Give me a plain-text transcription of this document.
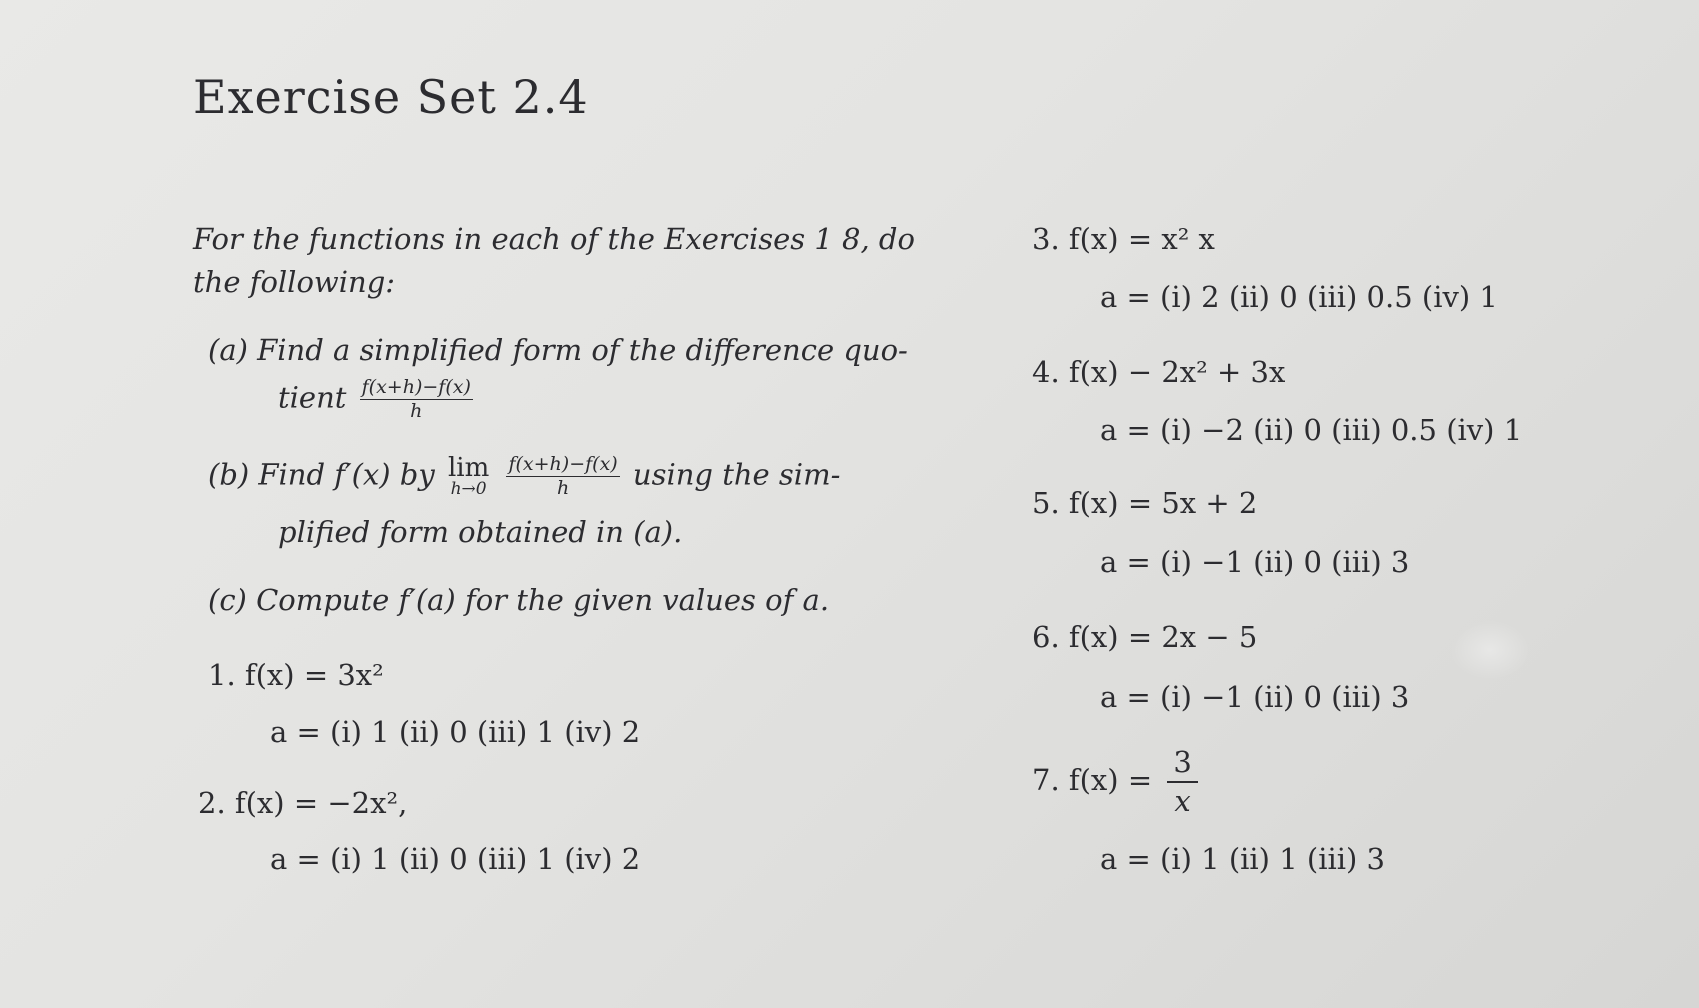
Exercise Set 2.4
For the functions in each of the Exercises 1 8, do
the following:
(a) Find a simplified form of the difference quo-
tient $\frac{f(x+h)-f(x)}{h}$
(b) Find f′(x) by lim
h→0
$\frac{f(x+h)-f(x)}{h}$ using the sim-
plified form obtained in (a).
(c) Compute f′(a) for the given values of a.
1. f(x) = 3x²
a = (i) 1 (ii) 0 (iii) 1 (iv) 2
2. f(x) = −2x²,
a = (i) 1 (ii) 0 (iii) 1 (iv) 2
3. f(x) = x² x
a = (i) 2 (ii) 0 (iii) 0.5 (iv) 1
4. f(x) − 2x² + 3x
a = (i) −2 (ii) 0 (iii) 0.5 (iv) 1
5. f(x) = 5x + 2
a = (i) −1 (ii) 0 (iii) 3
6. f(x) = 2x − 5
a = (i) −1 (ii) 0 (iii) 3
7. $f(x) = \frac{3}{x}$
a = (i) 1 (ii) 1 (iii) 3
